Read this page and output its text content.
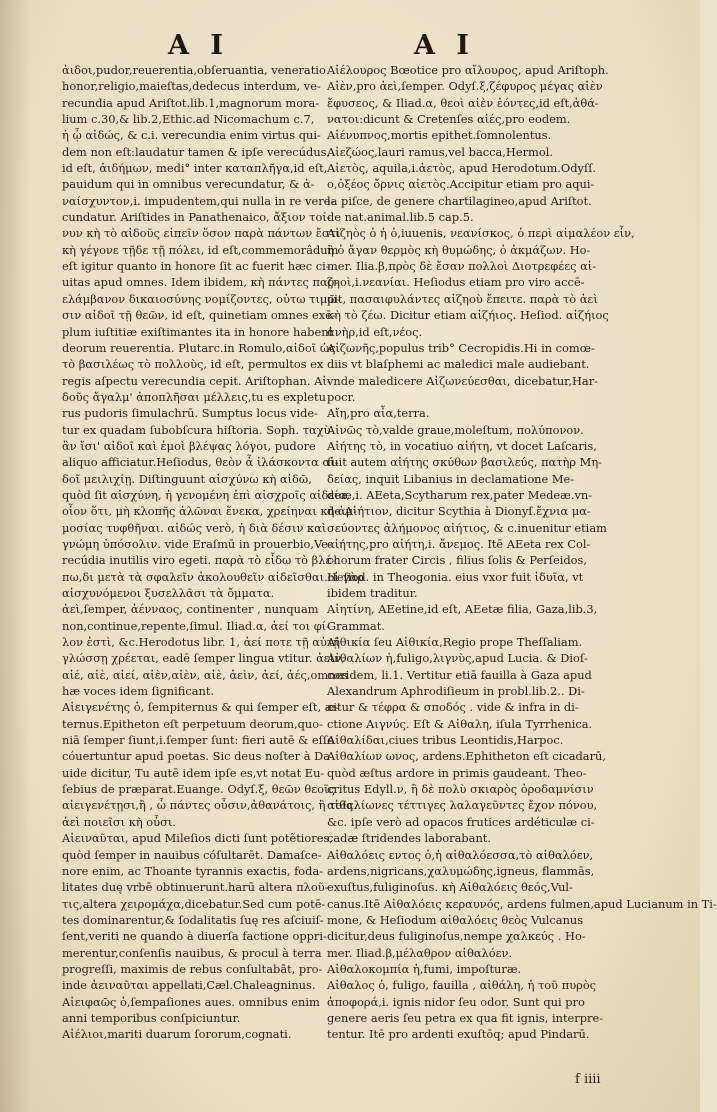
A I	A I
ἀιδοι,pudor,reuerentia,obſeruantia, veneratio
honor,religio,maieſtas,dedecus interdum, ve-
recundia apud Ariſtot.lib.1,magnorum mora-
lium c.30,& lib.2,Ethic.ad Nicomachum c.7,
ἡ ᾦ αἰδώς, & c.i. verecundia enim virtus qui-
dem non eſt:laudatur tamen & ipſe verecúdus,
id eſt, ἀιδήμων, medi° inter καταπλῆγα,id eſt,
pauidum qui in omnibus verecundatur, & ἀ-
ναίσχυντον,i. impudentem,qui nulla in re vere-
cundatur. Ariſtides in Panathenaico, ἄξιον τοί-
νυν κὴ τὸ αἰδοῦς εἰπεῖν ὅσον παρὰ πάντων ἔστι
κὴ γέγονε τῇδε τῇ πόλει, id eſt,commemorâdum
eſt igitur quanto in honore ſit ac fuerit hæc ci-
uitas apud omnes. Idem ibidem, κὴ πάντες παρ-
ελάμβανον δικαιοσύνης νομίζοντες, οὐτω τιμῶ-
σιν αἰδοῖ τῇ θεῶν, id eſt, quinetiam omnes exē-
plum iuſtitiæ exiſtimantes ita in honore habent
deorum reuerentia. Plutarc.in Romulo,αἰδοῖ ὡς
τὸ βασιλέως τὸ πολλοὺς, id eſt, permultos ex
regis aſpectu verecundia cepit. Ariſtophan. Αἰ-
δοῦς ἄγαλμ' ἀποπλῆσαι μέλλεις,tu es expletu
rus pudoris ſimulachrū. Sumptus locus vide-
tur ex quadam ſubobſcura hiſtoria. Soph. ταχὺ
ἂν ἴσι' αἰδοῖ καὶ ἐμοὶ βλέψας λόγοι, pudore
aliquo afficiatur.Heſiodus, θεὸν ἆ ἱλάσκοντα αἰ-
δοῖ μειλιχίῃ. Diſtinguunt αἰσχύνω κὴ αἰδῶ,
quòd ſit αἰσχύνη, ἡ γενομένη ἐπὶ αἰσχροῖς αἰδεία,
οἷον ὅτι, μὴ κλοπῆς ἀλῶναι ἕνεκα, χρείηναι κὴ ἁμ-
μοσίας τυφθῆναι. αἰδώς verò, ἡ διὰ δέσιν καὶ
γνώμη ὑπόσολιν. vide Eraſmū in prouerbio,Ve-
recúdia inutilis viro egeti. παρὰ τὸ εἶδω τὸ βλέ-
πω,δι μετὰ τὰ σφαλεῖν ἀκολουθεῖν αἰδεῖσθαι.οἱ γὰρ
αἰσχυνόμενοι ξυσελλᾶσι τὰ ὄμματα.
ἀεὶ,ſemper, ἀένναος, continenter , nunquam
non,continue,repente,ſimul. Iliad.α, ἀεί τοι φί-
λον ἐστὶ, &c.Herodotus libr. 1, ἀεί ποτε τῇ αὐτῇ
γλώσσῃ χρέεται, eadē ſemper lingua vtitur. ἀεὶν,
αἰέ, αἰὲ, αἰεί, αἰὲν,αἰὲν, αἰὲ, ἀεὶν, ἀεί, ἀές,omnes
hæ voces idem ſignificant.
Αἰειγενέτης ὁ, ſempiternus & qui ſemper eſt, æ-
ternus.Epitheton eſt perpetuum deorum,quo-
niā ſemper ſiunt,i.ſemper ſunt: fieri autē & eſſe
cóuertuntur apud poetas. Sic deus noſter à Da
uide dicitur, Tu autē idem ipſe es,vt notat Eu-
ſebius de præparat.Euange. Odyſ.ξ, θεῶν θεοῖς
αἰειγενέτῃσι,ἢ , ὦ πάντες οὖσιν,ἀθανάτοις, ἢ τοῖς
ἀεὶ ποιεῖσι κὴ οὖσι.
Αἰειναῦται, apud Mileſios dicti ſunt potẽtiores,
quòd ſemper in nauibus cóſultarēt. Damaſce-
nore enim, ac Thoante tyrannis exactis, foda-
litates duę vrbē obtinuerunt.harū altera πλοῦ-
τις,altera χειρομάχα,dicebatur.Sed cum potē-
tes dominarentur,& ſodalitatis ſuę res aſciuiſ-
ſent,veriti ne quando à diuerſa factione oppri-
merentur,conſenſis nauibus, & procul à terra
progreſſi, maximis de rebus conſultabāt, pro-
inde ἀειναῦται appellati,Cæl.Chaleagninus.
Αἰειφαῶς ὁ,ſempaſiones aues. omnibus enim
anni temporibus conſpiciuntur.
Αἰέλιοι,mariti duarum ſororum,cognati.
Αἰέλουρος Bœotice pro αἴλουρος, apud Ariſtoph.
Αἰὲν,pro ἀεὶ,ſemper. Odyſ.ξ,ζέφυρος μέγας αἰὲν
ἔφυσεος, & Iliad.α, θεοὶ αἰὲν ἐόντες,id eſt,ἀθά-
νατοι:dicunt & Cretenſes αἰές,pro eodem.
Αἰένυπνος,mortis epithet.ſomnolentus.
Αἰεζώος,lauri ramus,vel bacca,Hermol.
Αἰετὸς, aquila,i.ἀετὸς, apud Herodotum.Odyſſ.
ο,ὀξέος ὄρνις αἰετὸς.Accipitur etiam pro aqui-
la piſce, de genere chartilagineo,apud Ariſtot.
de nat.animal.lib.5 cap.5.
Αἰζηὸς ὁ ἡ ὁ,iuuenis, νεανίσκος, ὁ περὶ αἱμαλέον εἶν,
ἢ ὁ ἄγαν θερμὸς κὴ θυμώδης, ὁ ἀκμάζων. Ho-
mer. Ilia.β,πρὸς δὲ ἔσαν πολλοὶ Διοτρεφέες αἰ-
ζηοὶ,i.νεανίαι. Heſiodus etiam pro viro accē-
pit, πασαιφυλάντες αἰζηοὺ ἔπειτε. παρὰ τὸ ἀεὶ
κὴ τὸ ζέω. Dicitur etiam αἰζήιος. Heſiod. αἰζήιος
ἀνὴρ,id eſt,νέος.
Αἰζωνῆς,populus trib° Cecropidis.Hi in comœ-
diis vt blaſphemi ac maledici male audiebant.
vnde maledicere Αἰζωνεύεσθαι, dicebatur,Har-
pocr.
Αἴη,pro αἶα,terra.
Αἰνῶς τὸ,valde graue,moleſtum, πολύπονον.
Αἰήτης τὸ, in vocatiuo αἰήτη, vt docet Laſcaris,
fuit autem αἰήτης σκύθων βασιλεύς, πατὴρ Μη-
δείας, inquit Libanius in declamatione Me-
deæ,i. AEeta,Scytharum rex,pater Medeæ.vn-
de Αἰήτιον, dicitur Scythia à Dionyſ.ἔχνια μα-
σεύοντες ἀλήμονος αἰήτιος, & c.inuenitur etiam
αἰήτης,pro αἰήτη,i. ἄνεμος. Itē AEeta rex Col-
chorum frater Circis , filius ſolis & Perſeidos,
Heſiod. in Theogonia. eius vxor fuit ἰδυῖα, vt
ibidem traditur.
Αἰητίνη, AEetine,id eſt, AEetæ filia, Gaza,lib.3,
Grammat.
Αἰθικία ſeu Αἰθικία,Regio prope Theſſaliam.
Αἰθαλίων ἡ,fuligo,λιγνὺς,apud Lucia. & Dioſ-
coridem, li.1. Vertitur etiā fauilla à Gaza apud
Alexandrum Aphrodiſieum in probl.lib.2.. Di-
citur & τέφρα & σποδός . vide & infra in di-
ctione Αιγνύς. Eſt & Αἰθαλη, iſula Tyrrhenica.
Αἰθαλίδαι,ciues tribus Leontidis,Harpoc.
Αἰθαλίων ωνος, ardens.Ephitheton eſt cicadarū,
quòd æſtus ardore in primis gaudeant. Theo-
critus Edyll.ν, ἢ δὲ πολὺ σκιαρὸς ὀροδαμνίσιν
αἰθαλίωνες τέττιγες λαλαγεῦντες ἔχον πόνου,
&c. ipſe verò ad opacos frutices ardéticulæ ci-
cadæ ſtridendes laborabant.
Αἰθαλόεις εντος ὁ,ἡ αἰθαλόεσσα,τὸ αἰθαλόεν,
ardens,nigricans,χαλυμώδης,igneus, flammās,
exuſtus,fuliginoſus. κὴ Αἰθαλόεις θεός,Vul-
canus.Itē Αἰθαλόεις κεραυνός, ardens fulmen,apud Lucianum in Ti-
mone, & Heſiodum αἰθαλόεις θεὸς Vulcanus
dicitur,deus fuliginoſus,nempe χαλκεύς . Ho-
mer. Iliad.β,μέλαθρον αἰθαλόεν.
Αἰθαλοκομπία ἡ,fumi, impoſturæ.
Αἰθαλος ὁ, fuligo, fauilla , αἰθάλη, ἡ τοῦ πυρὸς
ἀποφορά,i. ignis nidor ſeu odor. Sunt qui pro
genere aeris ſeu petra ex qua fit ignis, interpre-
tentur. Itē pro ardenti exuſtōq; apud Pindarū.
f iiii
